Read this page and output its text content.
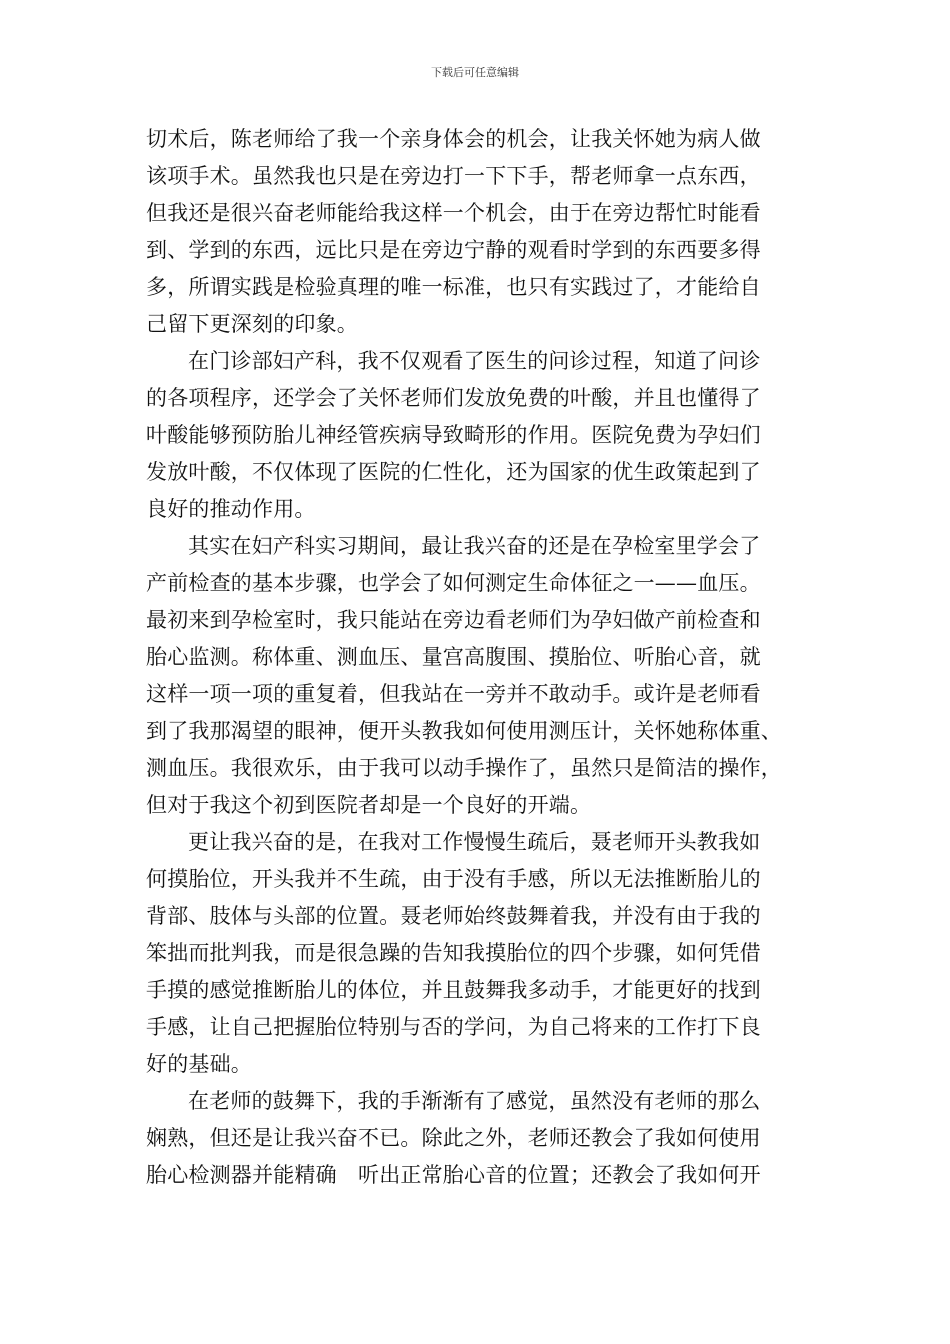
下载后可任意编辑
切术后，陈老师给了我一个亲身体会的机会，让我关怀她为病人做
该项手术。虽然我也只是在旁边打一下下手，帮老师拿一点东西，
但我还是很兴奋老师能给我这样一个机会，由于在旁边帮忙时能看
到、学到的东西，远比只是在旁边宁静的观看时学到的东西要多得
多，所谓实践是检验真理的唯一标准，也只有实践过了，才能给自
己留下更深刻的印象。
在门诊部妇产科，我不仅观看了医生的问诊过程，知道了问诊
的各项程序，还学会了关怀老师们发放免费的叶酸，并且也懂得了
叶酸能够预防胎儿神经管疾病导致畸形的作用。医院免费为孕妇们
发放叶酸，不仅体现了医院的仁性化，还为国家的优生政策起到了
良好的推动作用。
其实在妇产科实习期间，最让我兴奋的还是在孕检室里学会了
产前检查的基本步骤，也学会了如何测定生命体征之一——血压。
最初来到孕检室时，我只能站在旁边看老师们为孕妇做产前检查和
胎心监测。称体重、测血压、量宫高腹围、摸胎位、听胎心音，就
这样一项一项的重复着，但我站在一旁并不敢动手。或许是老师看
到了我那渴望的眼神，便开头教我如何使用测压计，关怀她称体重、
测血压。我很欢乐，由于我可以动手操作了，虽然只是简洁的操作，
但对于我这个初到医院者却是一个良好的开端。
更让我兴奋的是，在我对工作慢慢生疏后，聂老师开头教我如
何摸胎位，开头我并不生疏，由于没有手感，所以无法推断胎儿的
背部、肢体与头部的位置。聂老师始终鼓舞着我，并没有由于我的
笨拙而批判我，而是很急躁的告知我摸胎位的四个步骤，如何凭借
手摸的感觉推断胎儿的体位，并且鼓舞我多动手，才能更好的找到
手感，让自己把握胎位特别与否的学问，为自己将来的工作打下良
好的基础。
在老师的鼓舞下，我的手渐渐有了感觉，虽然没有老师的那么
娴熟，但还是让我兴奋不已。除此之外，老师还教会了我如何使用
胎心检测器并能精确　听出正常胎心音的位置；还教会了我如何开
